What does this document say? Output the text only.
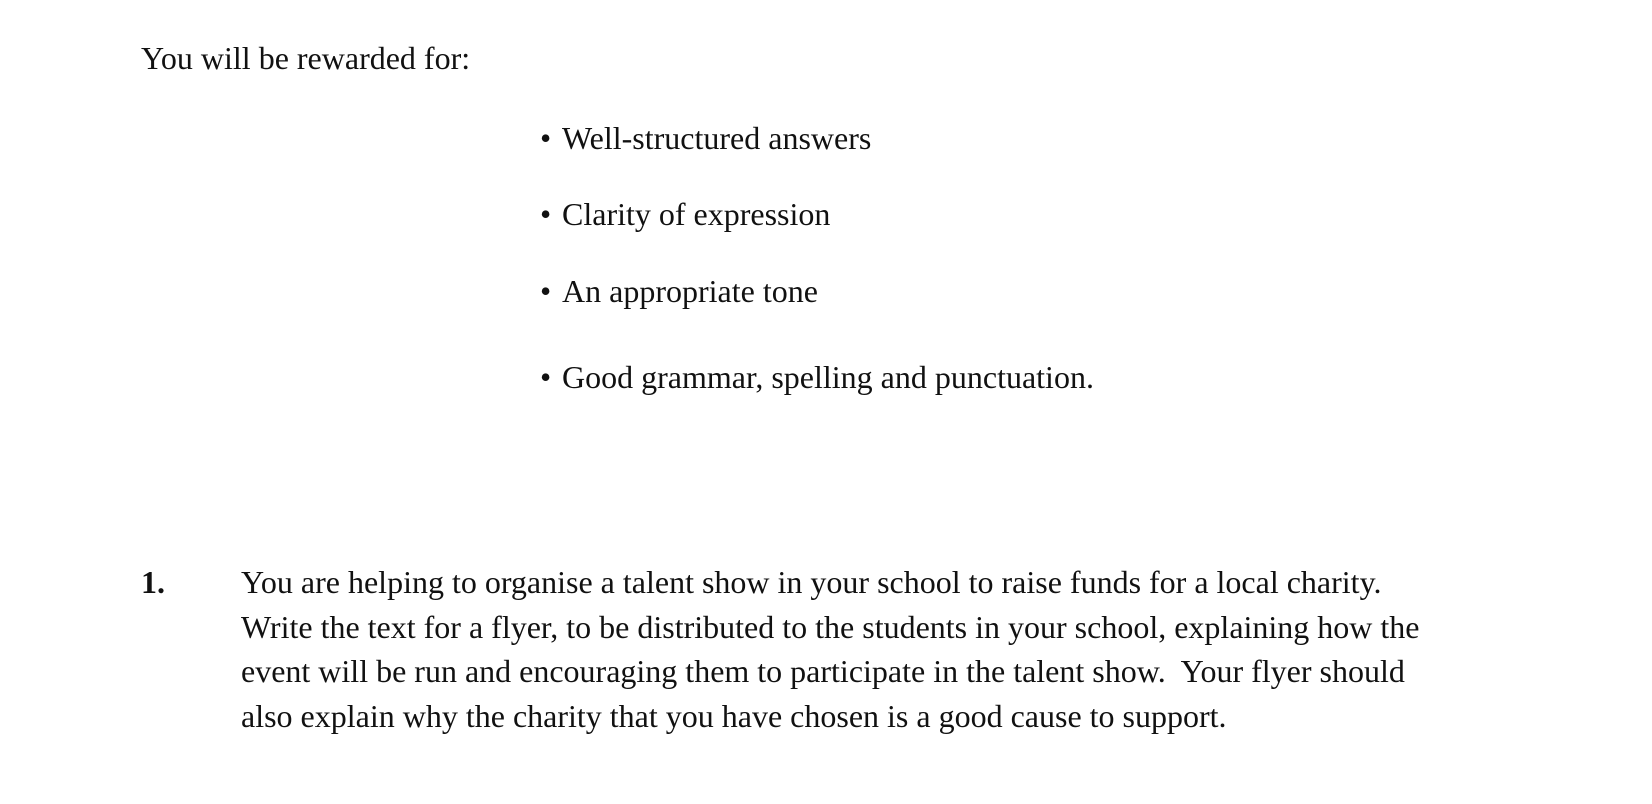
You will be rewarded for:
• Well-structured answers
• Clarity of expression
• An appropriate tone
• Good grammar, spelling and punctuation.
1. You are helping to organise a talent show in your school to raise funds for a local charity.
Write the text for a flyer, to be distributed to the students in your school, explaining how the
event will be run and encouraging them to participate in the talent show.  Your flyer should
also explain why the charity that you have chosen is a good cause to support.
